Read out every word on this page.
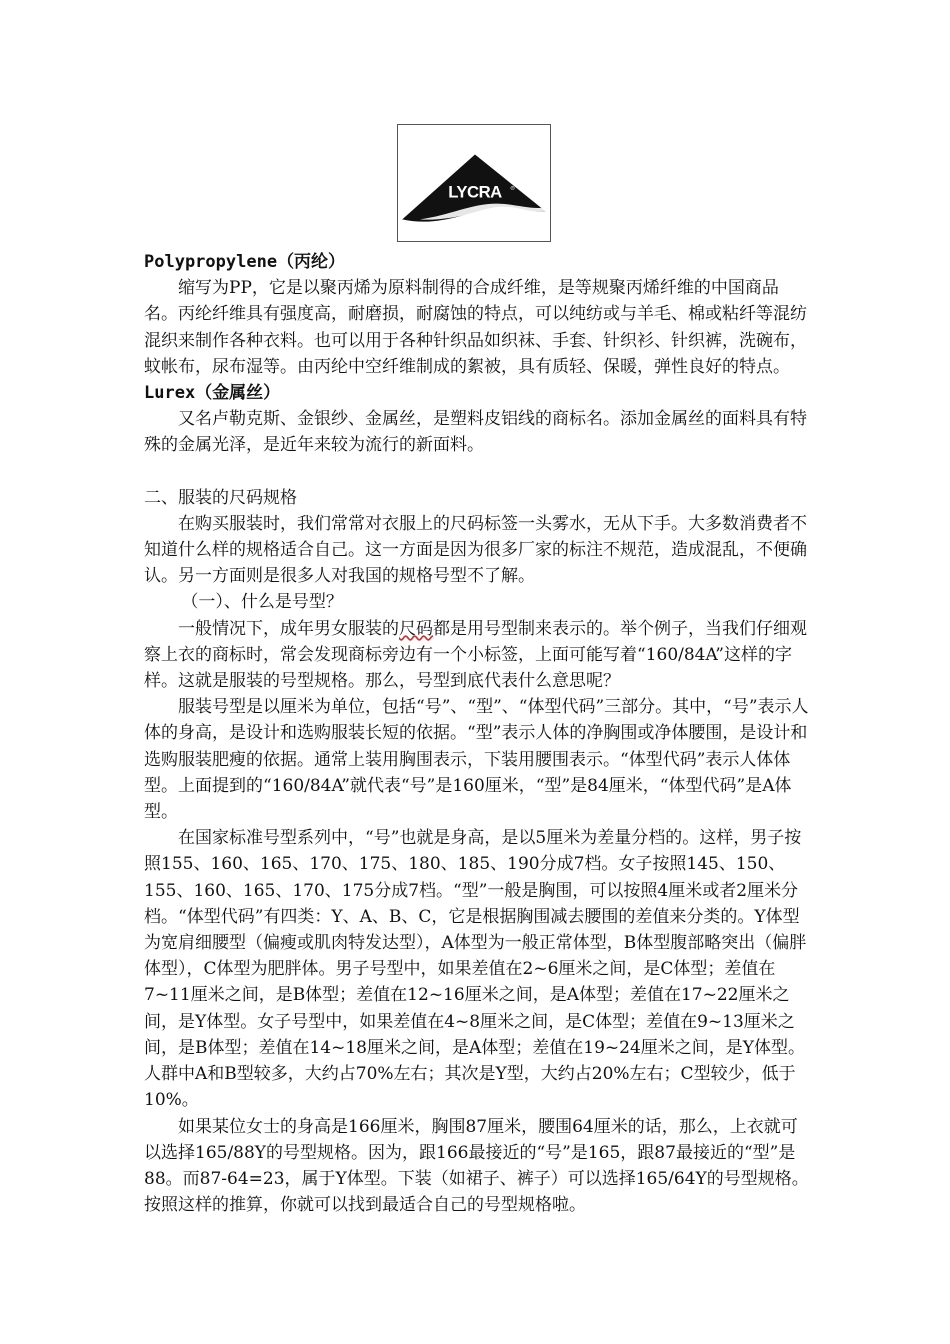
LYCRA ®

Polypropylene（丙纶）

缩写为PP，它是以聚丙烯为原料制得的合成纤维，是等规聚丙烯纤维的中国商品名。丙纶纤维具有强度高，耐磨损，耐腐蚀的特点，可以纯纺或与羊毛、棉或粘纤等混纺混织来制作各种衣料。也可以用于各种针织品如织袜、手套、针织衫、针织裤，洗碗布，蚊帐布，尿布湿等。由丙纶中空纤维制成的絮被，具有质轻、保暖，弹性良好的特点。

Lurex（金属丝）

又名卢勒克斯、金银纱、金属丝，是塑料皮铝线的商标名。添加金属丝的面料具有特殊的金属光泽，是近年来较为流行的新面料。

二、服装的尺码规格

在购买服装时，我们常常对衣服上的尺码标签一头雾水，无从下手。大多数消费者不知道什么样的规格适合自己。这一方面是因为很多厂家的标注不规范，造成混乱，不便确认。另一方面则是很多人对我国的规格号型不了解。

（一）、什么是号型？

一般情况下，成年男女服装的尺码都是用号型制来表示的。举个例子，当我们仔细观察上衣的商标时，常会发现商标旁边有一个小标签，上面可能写着“160/84A”这样的字样。这就是服装的号型规格。那么，号型到底代表什么意思呢？

服装号型是以厘米为单位，包括“号”、“型”、“体型代码”三部分。其中，“号”表示人体的身高，是设计和选购服装长短的依据。“型”表示人体的净胸围或净体腰围，是设计和选购服装肥瘦的依据。通常上装用胸围表示，下装用腰围表示。“体型代码”表示人体体型。上面提到的“160/84A”就代表“号”是160厘米，“型”是84厘米，“体型代码”是A体型。

在国家标准号型系列中，“号”也就是身高，是以5厘米为差量分档的。这样，男子按照155、160、165、170、175、180、185、190分成7档。女子按照145、150、155、160、165、170、175分成7档。“型”一般是胸围，可以按照4厘米或者2厘米分档。“体型代码”有四类：Y、A、B、C，它是根据胸围减去腰围的差值来分类的。Y体型为宽肩细腰型（偏瘦或肌肉特发达型），A体型为一般正常体型，B体型腹部略突出（偏胖体型），C体型为肥胖体。男子号型中，如果差值在2~6厘米之间，是C体型；差值在7~11厘米之间，是B体型；差值在12~16厘米之间，是A体型；差值在17~22厘米之间，是Y体型。女子号型中，如果差值在4~8厘米之间，是C体型；差值在9~13厘米之间，是B体型；差值在14~18厘米之间，是A体型；差值在19~24厘米之间，是Y体型。人群中A和B型较多，大约占70%左右；其次是Y型，大约占20%左右；C型较少，低于10%。

如果某位女士的身高是166厘米，胸围87厘米，腰围64厘米的话，那么，上衣就可以选择165/88Y的号型规格。因为，跟166最接近的“号”是165，跟87最接近的“型”是88。而87-64=23，属于Y体型。下装（如裙子、裤子）可以选择165/64Y的号型规格。按照这样的推算，你就可以找到最适合自己的号型规格啦。
